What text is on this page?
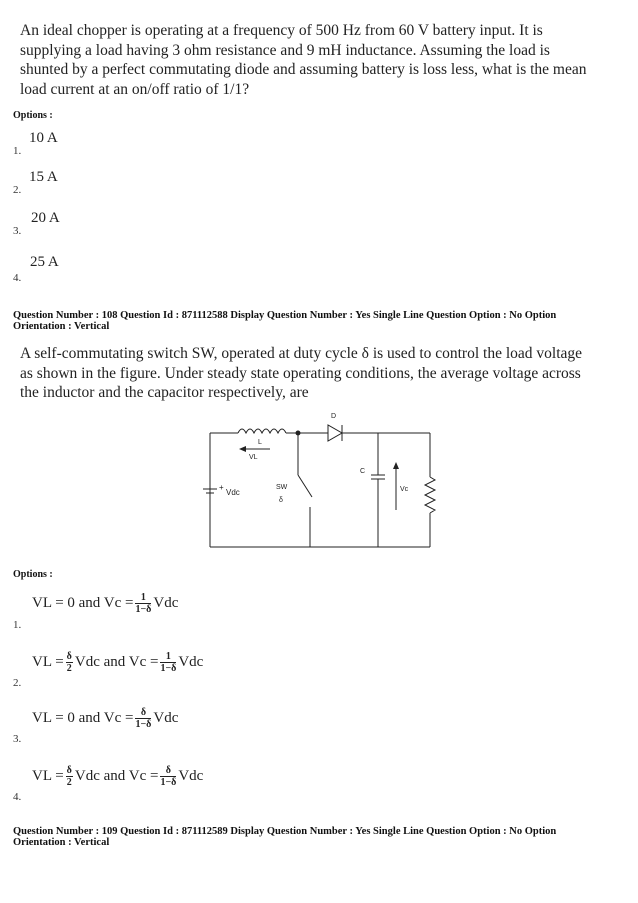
An ideal chopper is operating at a frequency of 500 Hz from 60 V battery input. It is
supplying a load having 3 ohm resistance and 9 mH inductance. Assuming the load is
shunted by a perfect commutating diode and assuming battery is loss less, what is the mean
load current at an on/off ratio of 1/1?
Options :
10 A
1.
15 A
2.
20 A
3.
25 A
4.
Question Number : 108 Question Id : 871112588 Display Question Number : Yes Single Line Question Option : No Option
Orientation : Vertical
A self-commutating switch SW, operated at duty cycle δ is used to control the load voltage
as shown in the figure. Under steady state operating conditions, the average voltage across
the inductor and the capacitor respectively, are
D
L
VL
+
Vdc
SW
δ
C
Vc
Options :
VL = 0 and $Vc = \frac{1}{1-\delta}$ Vdc
1.
VL = $\frac{\delta}{2}$ Vdc and $Vc = \frac{1}{1-\delta}$ Vdc
2.
VL = 0 and $Vc = \frac{\delta}{1-\delta}$ Vdc
3.
VL = $\frac{\delta}{2}$ Vdc and $Vc = \frac{\delta}{1-\delta}$ Vdc
4.
Question Number : 109 Question Id : 871112589 Display Question Number : Yes Single Line Question Option : No Option
Orientation : Vertical
